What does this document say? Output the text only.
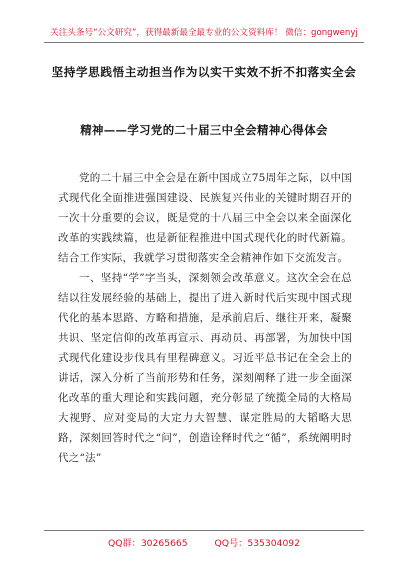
关注头条号“公文研究”，获得最新最全最专业的公文资料库！ 微信：gongwenyj
坚持学思践悟主动担当作为以实干实效不折不扣落实全会
精神——学习党的二十届三中全会精神心得体会

党的二十届三中全会是在新中国成立75周年之际，以中国式现代化全面推进强国建设、民族复兴伟业的关键时期召开的一次十分重要的会议，既是党的十八届三中全会以来全面深化改革的实践续篇，也是新征程推进中国式现代化的时代新篇。结合工作实际，我就学习贯彻落实全会精神作如下交流发言。

一、坚持“学”字当头，深刻领会改革意义。这次全会在总结以往发展经验的基础上，提出了进入新时代后实现中国式现代化的基本思路、方略和措施，是承前启后、继往开来，凝聚共识、坚定信仰的改革再宣示、再动员、再部署，为加快中国式现代化建设步伐具有里程碑意义。习近平总书记在全会上的讲话，深入分析了当前形势和任务，深刻阐释了进一步全面深化改革的重大理论和实践问题，充分彰显了统揽全局的大格局大视野、应对变局的大定力大智慧、谋定胜局的大韬略大思路，深刻回答时代之“问”，创造诠释时代之“循”，系统阐明时代之“法”

QQ群：30265665	QQ号：535304092
